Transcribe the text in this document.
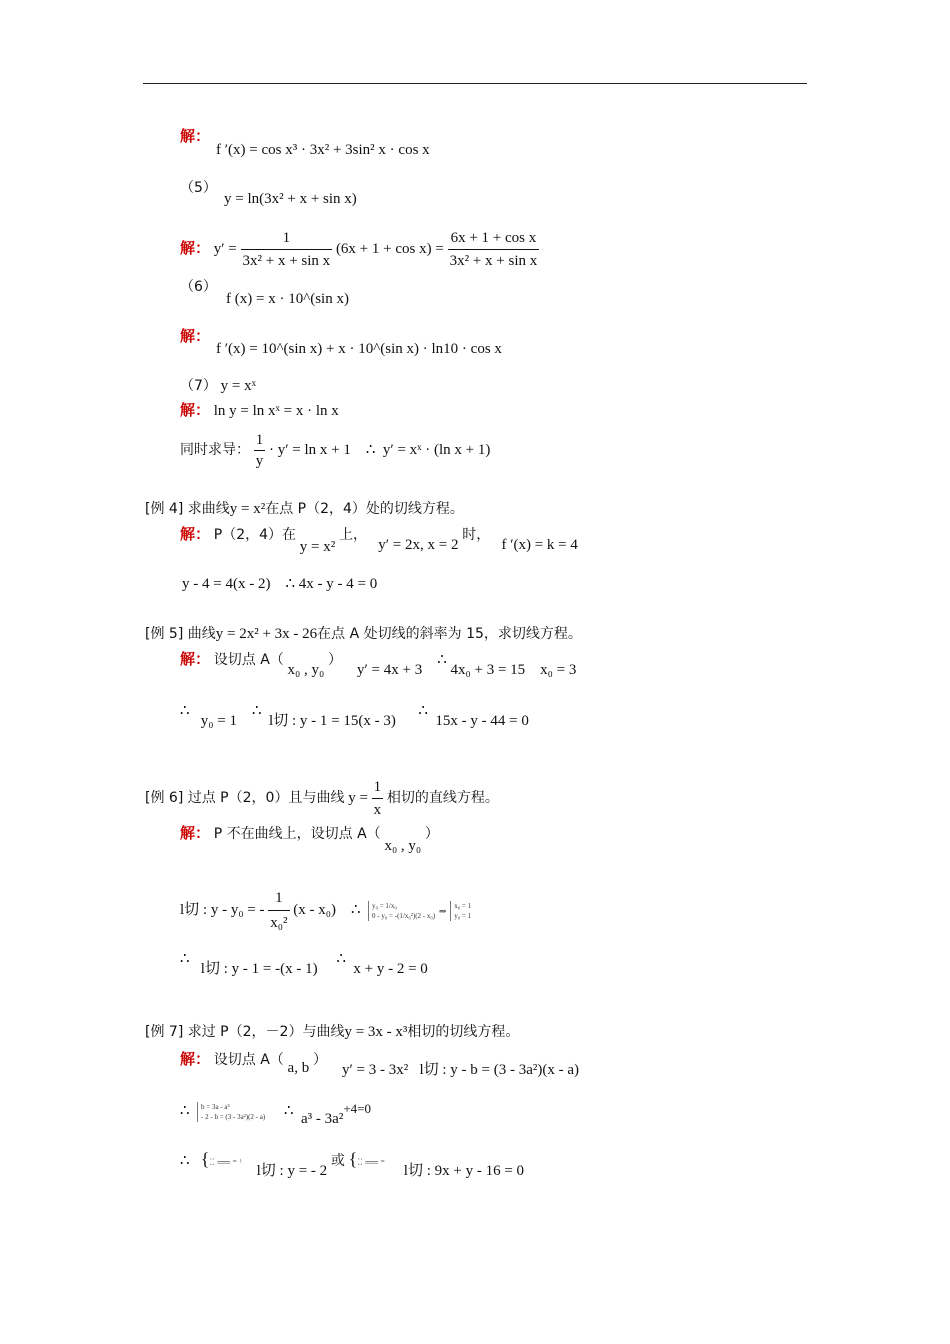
解：
f ′(x) = cos x³ · 3x² + 3sin² x · cos x
（5）
y = ln(3x² + x + sin x)
解： $y' = \frac{1}{\text{3x² + x + sin x}} (6x + 1 + \cos x) = \frac{\text{6x + 1 + cos x}}{\text{3x² + x + sin x}}$
（6）
f (x) = x · 10^(sin x)
解：
f ′(x) = 10^(sin x) + x · 10^(sin x) · ln10 · cos x
（7） y = xˣ
解： ln y = ln xˣ = x · ln x
同时求导： $\frac{1}{y} \cdot y' = \ln x + 1$ ∴ y′ = xˣ · (ln x + 1)
[例 4] 求曲线y = x²在点 P（2，4）处的切线方程。
解： P（2，4）在 y = x² 上，   y′ = 2x, x = 2 时，   f ′(x) = k = 4
y - 4 = 4(x - 2) ∴ 4x - y - 4 = 0
[例 5] 曲线y = 2x² + 3x - 26在点 A 处切线的斜率为 15，求切线方程。
解： 设切点 A（ x₀ , y₀ ）    y′ = 4x + 3    ∴ 4x₀ + 3 = 15 x₀ = 3
∴   y₀ = 1    ∴  l切 : y - 1 = 15(x - 3)      ∴  15x - y - 44 = 0
[例 6] 过点 P（2，0）且与曲线 $y = \frac{1}{x}$ 相切的直线方程。
解： P 不在曲线上，设切点 A（ x₀ , y₀ ）
l切 : y - y₀ = - $\frac{1}{\text{x₀²}} (x - x_0)$ ∴ y₀ = 1/x₀
0 - y₀ = -(1/x₀²)(2 - x₀) ⇒ x₀ = 1
y₀ = 1
∴   l切 : y - 1 = -(x - 1)     ∴  x + y - 2 = 0
[例 7] 求过 P（2，－2）与曲线y = 3x - x³相切的切线方程。
解： 设切点 A（ a, b ）    y′ = 3 - 3x² l切 : y - b = (3 - 3a²)(x - a)
∴ b = 3a - a³
- 2 - b = (3 - 3a²)(2 - a) ∴ a³ - 3a²+4=0
∴ {⁚⁚ ══ ⁼ ⁾    l切 : y = - 2 或 {⁚⁚ ══ ⁼     l切 : 9x + y - 16 = 0
